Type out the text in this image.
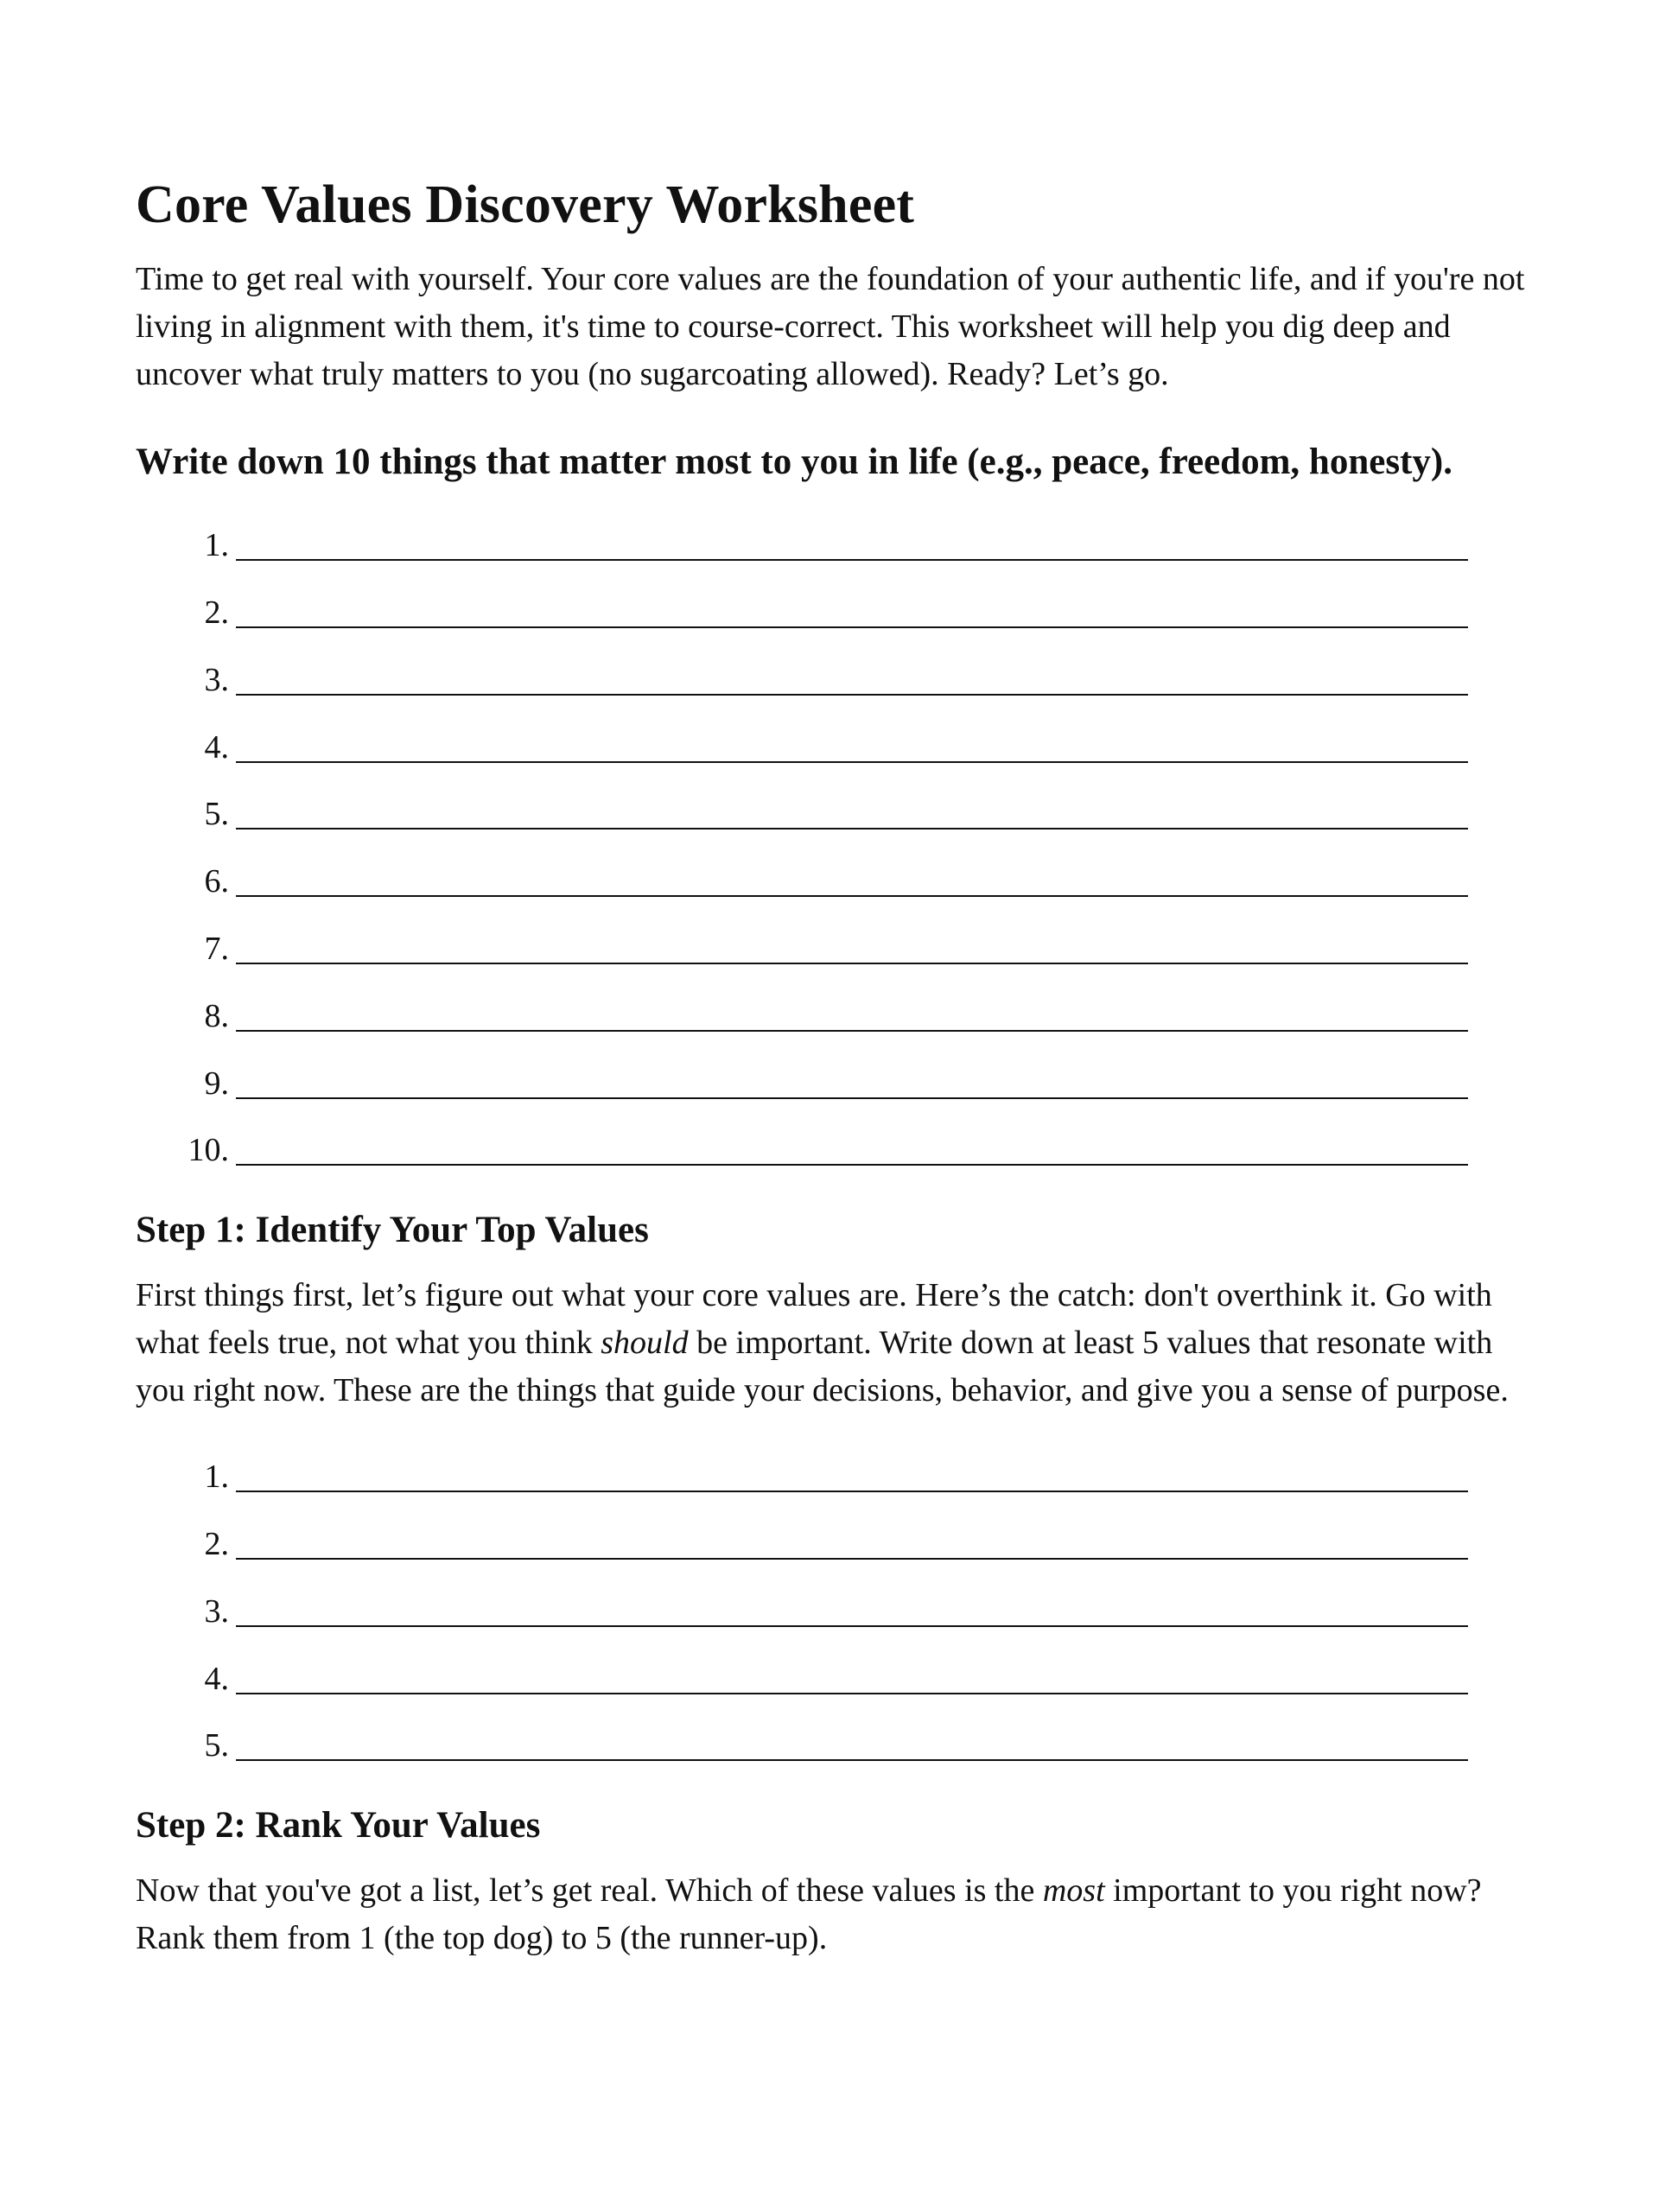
Core Values Discovery Worksheet

Time to get real with yourself. Your core values are the foundation of your authentic life, and if you're not living in alignment with them, it's time to course-correct. This worksheet will help you dig deep and uncover what truly matters to you (no sugarcoating allowed). Ready? Let’s go.

Write down 10 things that matter most to you in life (e.g., peace, freedom, honesty).
1.
2.
3.
4.
5.
6.
7.
8.
9.
10.
Step 1: Identify Your Top Values

First things first, let’s figure out what your core values are. Here’s the catch: don't overthink it. Go with what feels true, not what you think should be important. Write down at least 5 values that resonate with you right now. These are the things that guide your decisions, behavior, and give you a sense of purpose.

1.
2.
3.
4.
5.
Step 2: Rank Your Values

Now that you've got a list, let’s get real. Which of these values is the most important to you right now? Rank them from 1 (the top dog) to 5 (the runner-up).
